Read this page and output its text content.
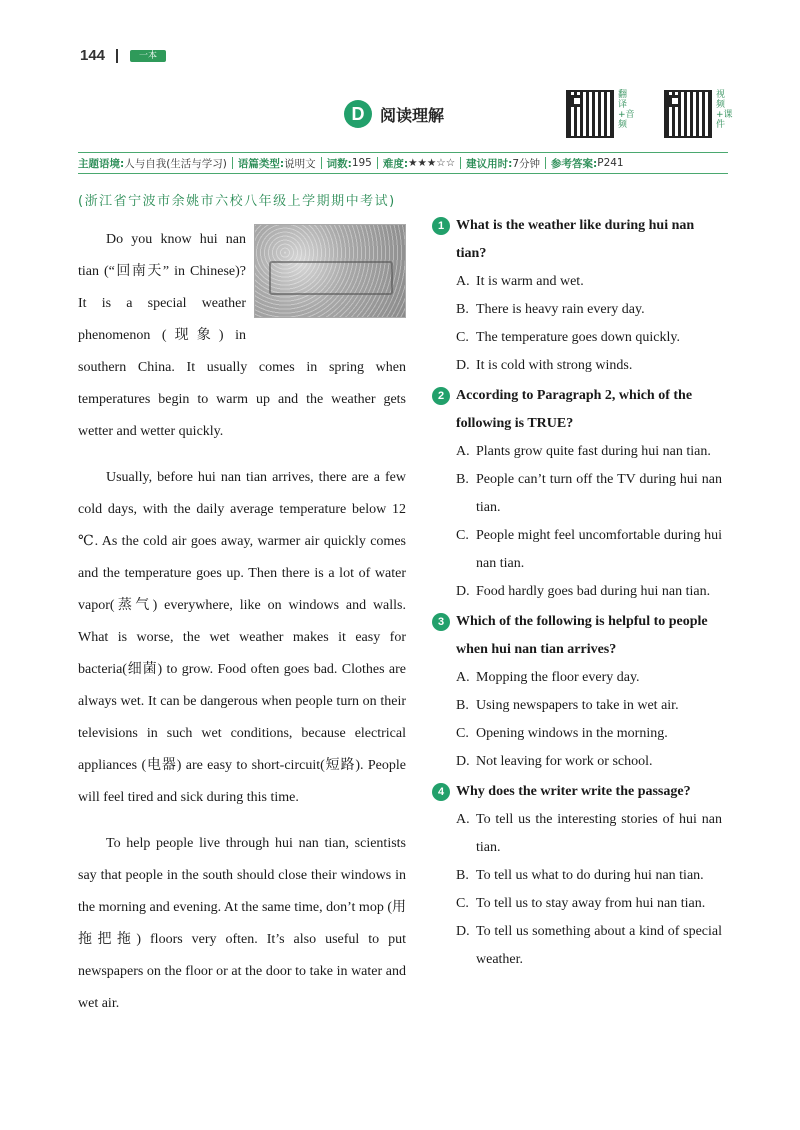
144	一本
D 阅读理解
翻译+音频
视频+课件
主题语境: 人与自我(生活与学习) 语篇类型: 说明文 词数: 195 难度: ★★★☆☆ 建议用时: 7分钟 参考答案: P241
(浙江省宁波市余姚市六校八年级上学期期中考试)

Do you know hui nan tian (“回南天” in Chinese)? It is a special weather phenomenon (现象) in southern China. It usually comes in spring when temperatures begin to warm up and the weather gets wetter and wetter quickly.

Usually, before hui nan tian arrives, there are a few cold days, with the daily average temperature below 12 ℃. As the cold air goes away, warmer air quickly comes and the temperature goes up. Then there is a lot of water vapor(蒸气) everywhere, like on windows and walls. What is worse, the wet weather makes it easy for bacteria(细菌) to grow. Food often goes bad. Clothes are always wet. It can be dangerous when people turn on their televisions in such wet conditions, because electrical appliances (电器) are easy to short-circuit(短路). People will feel tired and sick during this time.

To help people live through hui nan tian, scientists say that people in the south should close their windows in the morning and evening. At the same time, don’t mop (用拖把拖) floors very often. It’s also useful to put newspapers on the floor or at the door to take in water and wet air.

1 What is the weather like during hui nan tian?
A. It is warm and wet.
B. There is heavy rain every day.
C. The temperature goes down quickly.
D. It is cold with strong winds.
2 According to Paragraph 2, which of the following is TRUE?
A. Plants grow quite fast during hui nan tian.
B. People can’t turn off the TV during hui nan tian.
C. People might feel uncomfortable during hui nan tian.
D. Food hardly goes bad during hui nan tian.
3 Which of the following is helpful to people when hui nan tian arrives?
A. Mopping the floor every day.
B. Using newspapers to take in wet air.
C. Opening windows in the morning.
D. Not leaving for work or school.
4 Why does the writer write the passage?
A. To tell us the interesting stories of hui nan tian.
B. To tell us what to do during hui nan tian.
C. To tell us to stay away from hui nan tian.
D. To tell us something about a kind of special weather.
